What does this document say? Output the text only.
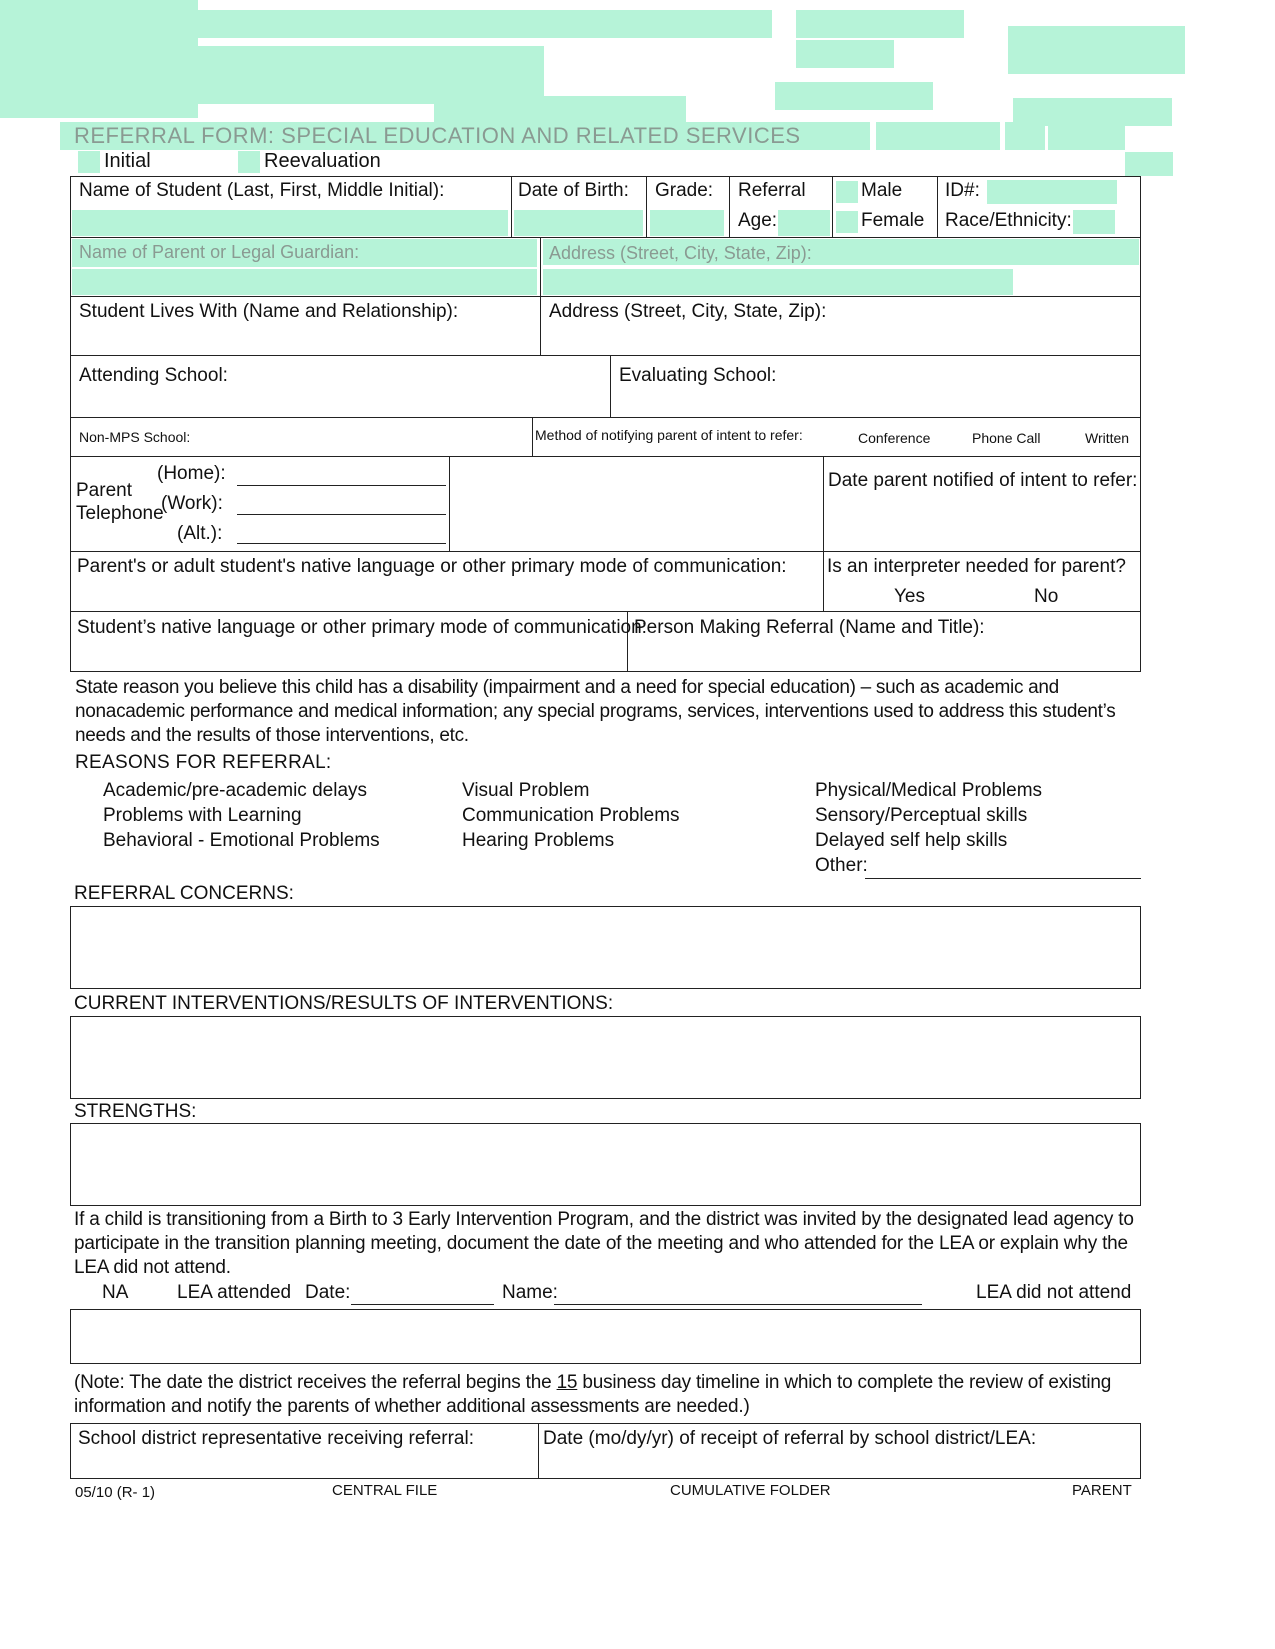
REFERRAL FORM: SPECIAL EDUCATION AND RELATED SERVICES
Initial	Reevaluation
Name of Student (Last, First, Middle Initial):	Date of Birth: Grade: Referral
Age:
Male
Female
ID#:
Race/Ethnicity:
Name of Parent or Legal Guardian:	Address (Street, City, State, Zip):
Student Lives With (Name and Relationship):	Address (Street, City, State, Zip):
Attending School:	Evaluating School:
Non-MPS School:	Method of notifying parent of intent to refer:	Conference	Phone Call	Written
Parent
Telephone
(Home):
(Work):
(Alt.):
Date parent notified of intent to refer:
Parent's or adult student's native language or other primary mode of communication: Is an interpreter needed for parent?
Yes	No
Student’s native language or other primary mode of communication:
Person Making Referral (Name and Title):
State reason you believe this child has a disability (impairment and a need for special education) – such as academic and nonacademic performance and medical information; any special programs, services, interventions used to address this student’s needs and the results of those interventions, etc.
REASONS FOR REFERRAL:
Academic/pre-academic delays
Problems with Learning
Behavioral - Emotional Problems
Visual Problem
Communication Problems
Hearing Problems
Physical/Medical Problems
Sensory/Perceptual skills
Delayed self help skills
Other:
REFERRAL CONCERNS:
CURRENT INTERVENTIONS/RESULTS OF INTERVENTIONS:
STRENGTHS:
If a child is transitioning from a Birth to 3 Early Intervention Program, and the district was invited by the designated lead agency to participate in the transition planning meeting, document the date of the meeting and who attended for the LEA or explain why the LEA did not attend.
NA	LEA attended Date:	Name:	LEA did not attend
(Note: The date the district receives the referral begins the 15 business day timeline in which to complete the review of existing information and notify the parents of whether additional assessments are needed.)
School district representative receiving referral:	Date (mo/dy/yr) of receipt of referral by school district/LEA:
05/10 (R- 1)	CENTRAL FILE	CUMULATIVE FOLDER	PARENT
